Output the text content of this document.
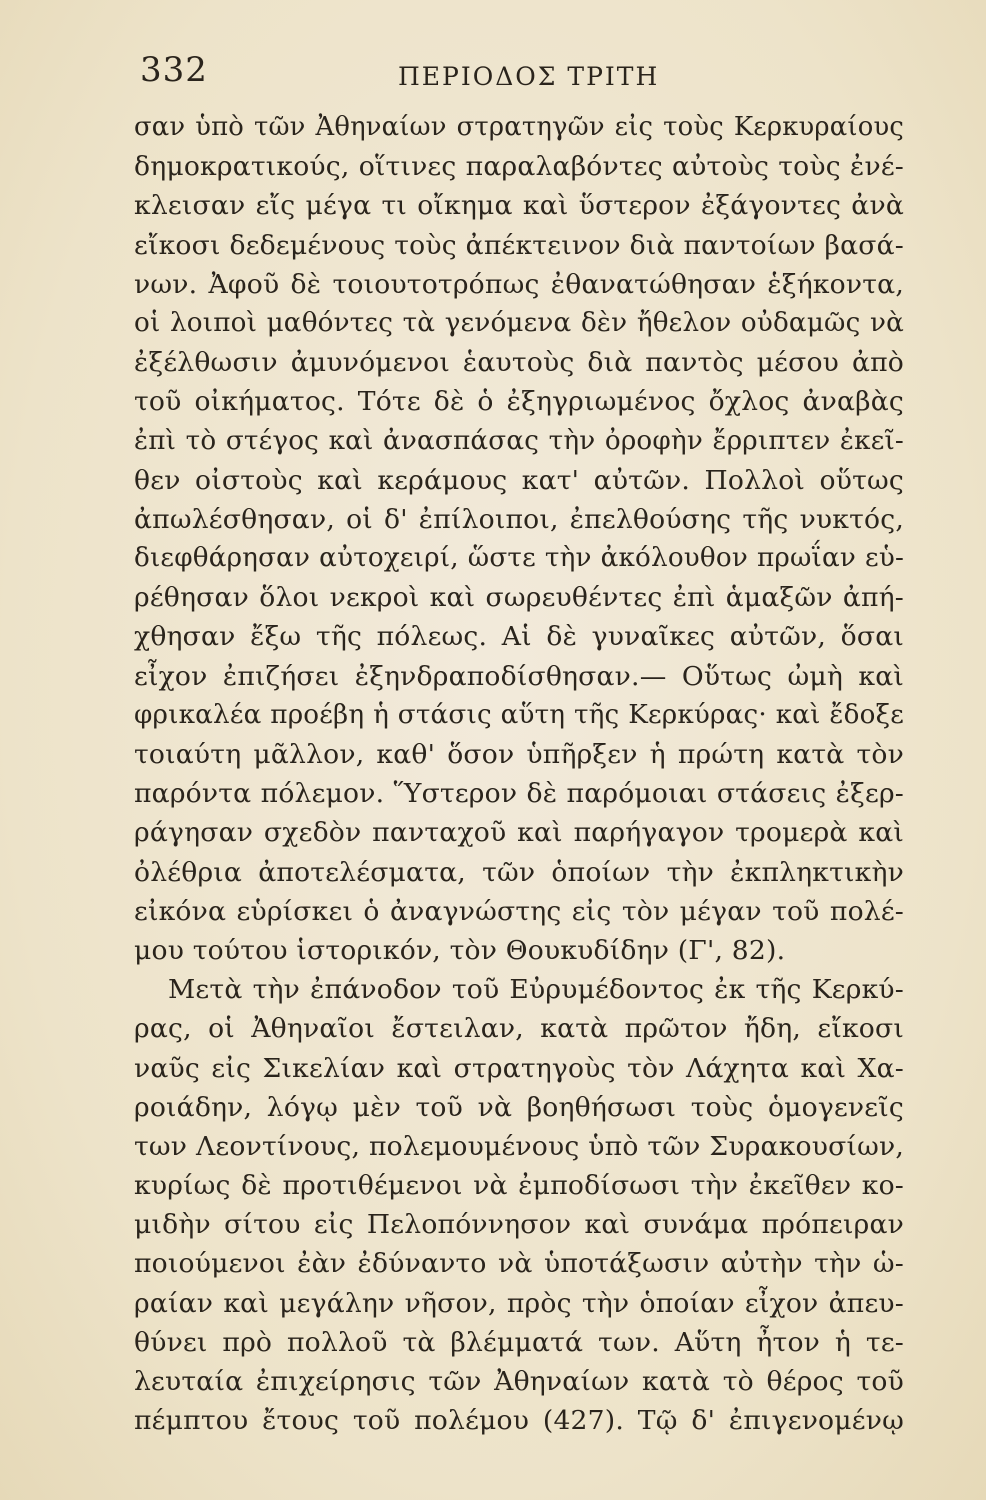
332	ΠΕΡΙΟΔΟΣ ΤΡΙΤΗ
σαν ὑπὸ τῶν Ἀθηναίων στρατηγῶν εἰς τοὺς Κερκυραίους
δημοκρατικούς, οἵτινες παραλαβόντες αὐτοὺς τοὺς ἐνέ-
κλεισαν εἴς μέγα τι οἴκημα καὶ ὕστερον ἐξάγοντες ἀνὰ
εἴκοσι δεδεμένους τοὺς ἀπέκτεινον διὰ παντοίων βασά-
νων. Ἀφοῦ δὲ τοιουτοτρόπως ἐθανατώθησαν ἑξήκοντα,
οἱ λοιποὶ μαθόντες τὰ γενόμενα δὲν ἤθελον οὐδαμῶς νὰ
ἐξέλθωσιν ἀμυνόμενοι ἑαυτοὺς διὰ παντὸς μέσου ἀπὸ
τοῦ οἰκήματος. Τότε δὲ ὁ ἐξηγριωμένος ὄχλος ἀναβὰς
ἐπὶ τὸ στέγος καὶ ἀνασπάσας τὴν ὀροφὴν ἔρριπτεν ἐκεῖ-
θεν οἰστοὺς καὶ κεράμους κατ' αὐτῶν. Πολλοὶ οὕτως
ἀπωλέσθησαν, οἱ δ' ἐπίλοιποι, ἐπελθούσης τῆς νυκτός,
διεφθάρησαν αὐτοχειρί, ὥστε τὴν ἀκόλουθον πρωΐαν εὑ-
ρέθησαν ὅλοι νεκροὶ καὶ σωρευθέντες ἐπὶ ἁμαξῶν ἀπή-
χθησαν ἔξω τῆς πόλεως. Αἱ δὲ γυναῖκες αὐτῶν, ὅσαι
εἶχον ἐπιζήσει ἐξηνδραποδίσθησαν.— Οὕτως ὠμὴ καὶ
φρικαλέα προέβη ἡ στάσις αὕτη τῆς Κερκύρας· καὶ ἔδοξε
τοιαύτη μᾶλλον, καθ' ὅσον ὑπῆρξεν ἡ πρώτη κατὰ τὸν
παρόντα πόλεμον. Ὕστερον δὲ παρόμοιαι στάσεις ἐξερ-
ράγησαν σχεδὸν πανταχοῦ καὶ παρήγαγον τρομερὰ καὶ
ὀλέθρια ἀποτελέσματα, τῶν ὁποίων τὴν ἐκπληκτικὴν
εἰκόνα εὑρίσκει ὁ ἀναγνώστης εἰς τὸν μέγαν τοῦ πολέ-
μου τούτου ἱστορικόν, τὸν Θουκυδίδην (Γ', 82).
Μετὰ τὴν ἐπάνοδον τοῦ Εὐρυμέδοντος ἐκ τῆς Κερκύ-
ρας, οἱ Ἀθηναῖοι ἔστειλαν, κατὰ πρῶτον ἤδη, εἴκοσι
ναῦς εἰς Σικελίαν καὶ στρατηγοὺς τὸν Λάχητα καὶ Χα-
ροιάδην, λόγῳ μὲν τοῦ νὰ βοηθήσωσι τοὺς ὁμογενεῖς
των Λεοντίνους, πολεμουμένους ὑπὸ τῶν Συρακουσίων,
κυρίως δὲ προτιθέμενοι νὰ ἐμποδίσωσι τὴν ἐκεῖθεν κο-
μιδὴν σίτου εἰς Πελοπόννησον καὶ συνάμα πρόπειραν
ποιούμενοι ἐὰν ἐδύναντο νὰ ὑποτάξωσιν αὐτὴν τὴν ὡ-
ραίαν καὶ μεγάλην νῆσον, πρὸς τὴν ὁποίαν εἶχον ἀπευ-
θύνει πρὸ πολλοῦ τὰ βλέμματά των. Αὕτη ἦτον ἡ τε-
λευταία ἐπιχείρησις τῶν Ἀθηναίων κατὰ τὸ θέρος τοῦ
πέμπτου ἔτους τοῦ πολέμου (427). Τῷ δ' ἐπιγενομένῳ
